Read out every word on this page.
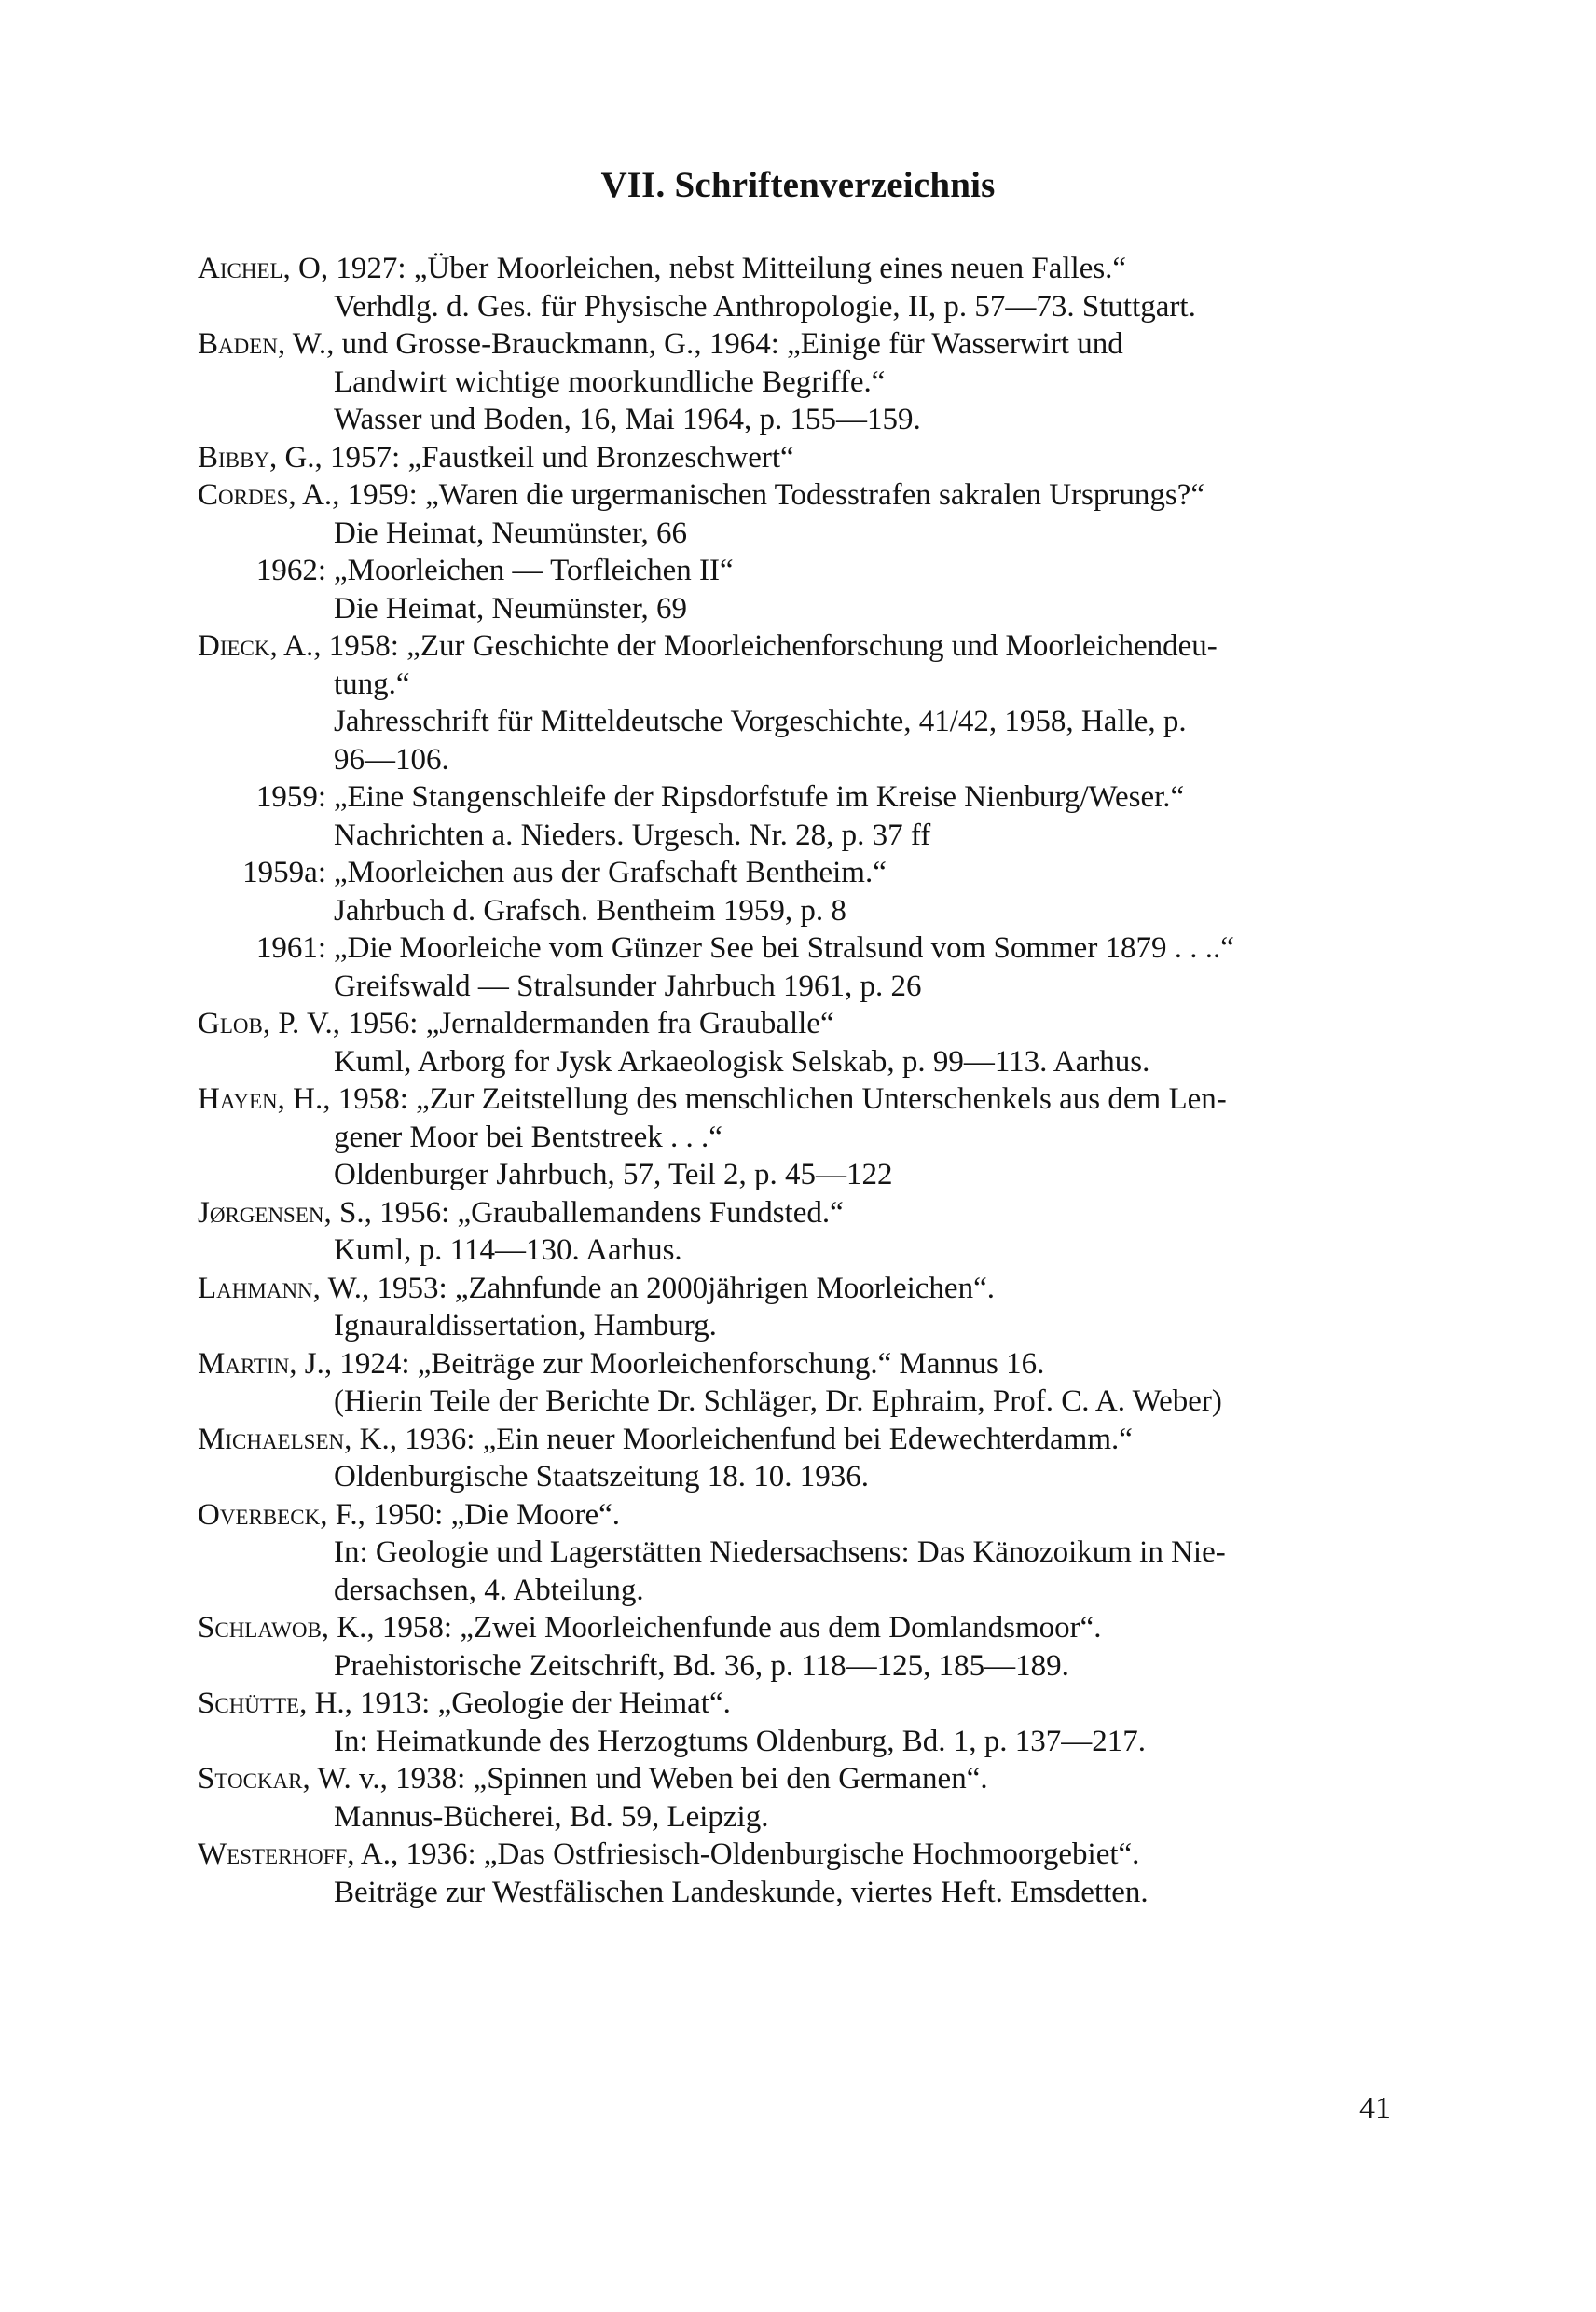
VII. Schriftenverzeichnis
Aichel, O, 1927: „Über Moorleichen, nebst Mitteilung eines neuen Falles.“
Verhdlg. d. Ges. für Physische Anthropologie, II, p. 57—73. Stuttgart.
Baden, W., und Grosse-Brauckmann, G., 1964: „Einige für Wasserwirt und
Landwirt wichtige moorkundliche Begriffe.“
Wasser und Boden, 16, Mai 1964, p. 155—159.
Bibby, G., 1957: „Faustkeil und Bronzeschwert“
Cordes, A., 1959: „Waren die urgermanischen Todesstrafen sakralen Ursprungs?“
Die Heimat, Neumünster, 66
1962: „Moorleichen — Torfleichen II“
Die Heimat, Neumünster, 69
Dieck, A., 1958: „Zur Geschichte der Moorleichenforschung und Moorleichendeu-
tung.“
Jahresschrift für Mitteldeutsche Vorgeschichte, 41/42, 1958, Halle, p.
96—106.
1959: „Eine Stangenschleife der Ripsdorfstufe im Kreise Nienburg/Weser.“
Nachrichten a. Nieders. Urgesch. Nr. 28, p. 37 ff
1959a: „Moorleichen aus der Grafschaft Bentheim.“
Jahrbuch d. Grafsch. Bentheim 1959, p. 8
1961: „Die Moorleiche vom Günzer See bei Stralsund vom Sommer 1879 . . ..“
Greifswald — Stralsunder Jahrbuch 1961, p. 26
Glob, P. V., 1956: „Jernaldermanden fra Grauballe“
Kuml, Arborg for Jysk Arkaeologisk Selskab, p. 99—113. Aarhus.
Hayen, H., 1958: „Zur Zeitstellung des menschlichen Unterschenkels aus dem Len-
gener Moor bei Bentstreek . . .“
Oldenburger Jahrbuch, 57, Teil 2, p. 45—122
Jørgensen, S., 1956: „Grauballemandens Fundsted.“
Kuml, p. 114—130. Aarhus.
Lahmann, W., 1953: „Zahnfunde an 2000jährigen Moorleichen“.
Ignauraldissertation, Hamburg.
Martin, J., 1924: „Beiträge zur Moorleichenforschung.“ Mannus 16.
(Hierin Teile der Berichte Dr. Schläger, Dr. Ephraim, Prof. C. A. Weber)
Michaelsen, K., 1936: „Ein neuer Moorleichenfund bei Edewechterdamm.“
Oldenburgische Staatszeitung 18. 10. 1936.
Overbeck, F., 1950: „Die Moore“.
In: Geologie und Lagerstätten Niedersachsens: Das Känozoikum in Nie-
dersachsen, 4. Abteilung.
Schlawob, K., 1958: „Zwei Moorleichenfunde aus dem Domlandsmoor“.
Praehistorische Zeitschrift, Bd. 36, p. 118—125, 185—189.
Schütte, H., 1913: „Geologie der Heimat“.
In: Heimatkunde des Herzogtums Oldenburg, Bd. 1, p. 137—217.
Stockar, W. v., 1938: „Spinnen und Weben bei den Germanen“.
Mannus-Bücherei, Bd. 59, Leipzig.
Westerhoff, A., 1936: „Das Ostfriesisch-Oldenburgische Hochmoorgebiet“.
Beiträge zur Westfälischen Landeskunde, viertes Heft. Emsdetten.
41
